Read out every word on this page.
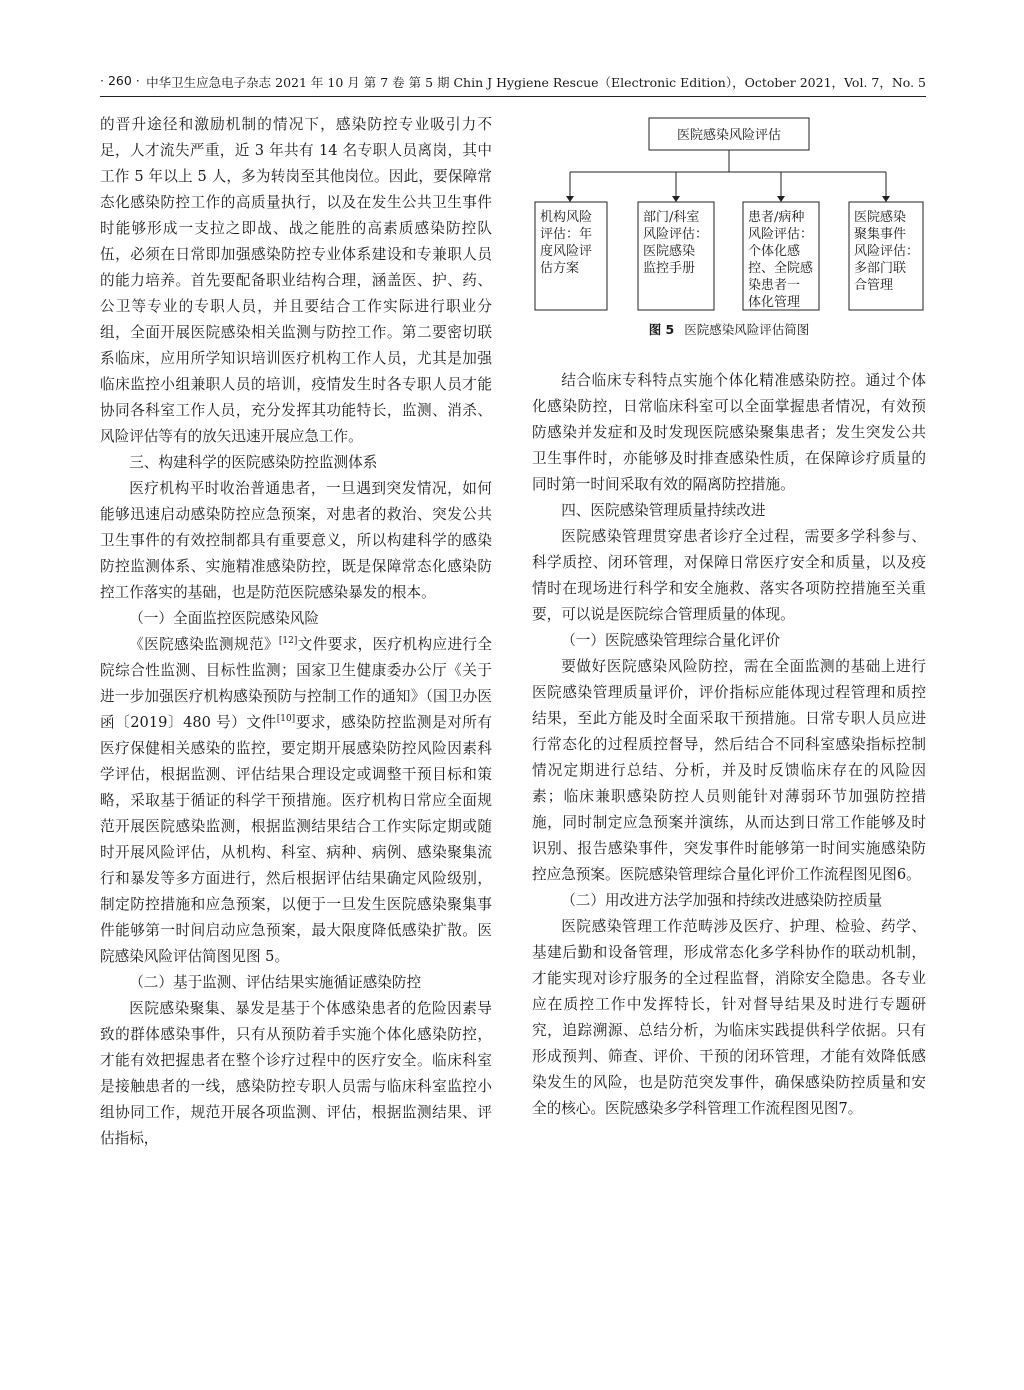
· 260 · 中华卫生应急电子杂志 2021 年 10 月 第 7 卷 第 5 期 Chin J Hygiene Rescue（Electronic Edition），October 2021，Vol. 7，No. 5

的晋升途径和激励机制的情况下，感染防控专业吸引力不足，人才流失严重，近 3 年共有 14 名专职人员离岗，其中工作 5 年以上 5 人，多为转岗至其他岗位。因此，要保障常态化感染防控工作的高质量执行，以及在发生公共卫生事件时能够形成一支拉之即战、战之能胜的高素质感染防控队伍，必须在日常即加强感染防控专业体系建设和专兼职人员的能力培养。首先要配备职业结构合理，涵盖医、护、药、公卫等专业的专职人员，并且要结合工作实际进行职业分组，全面开展医院感染相关监测与防控工作。第二要密切联系临床，应用所学知识培训医疗机构工作人员，尤其是加强临床监控小组兼职人员的培训，疫情发生时各专职人员才能协同各科室工作人员，充分发挥其功能特长，监测、消杀、风险评估等有的放矢迅速开展应急工作。

三、构建科学的医院感染防控监测体系

医疗机构平时收治普通患者，一旦遇到突发情况，如何能够迅速启动感染防控应急预案，对患者的救治、突发公共卫生事件的有效控制都具有重要意义，所以构建科学的感染防控监测体系、实施精准感染防控，既是保障常态化感染防控工作落实的基础，也是防范医院感染暴发的根本。

（一）全面监控医院感染风险

《医院感染监测规范》[12]文件要求，医疗机构应进行全院综合性监测、目标性监测；国家卫生健康委办公厅《关于进一步加强医疗机构感染预防与控制工作的通知》（国卫办医函〔2019〕480 号）文件[10]要求，感染防控监测是对所有医疗保健相关感染的监控，要定期开展感染防控风险因素科学评估，根据监测、评估结果合理设定或调整干预目标和策略，采取基于循证的科学干预措施。医疗机构日常应全面规范开展医院感染监测，根据监测结果结合工作实际定期或随时开展风险评估，从机构、科室、病种、病例、感染聚集流行和暴发等多方面进行，然后根据评估结果确定风险级别，制定防控措施和应急预案，以便于一旦发生医院感染聚集事件能够第一时间启动应急预案，最大限度降低感染扩散。医院感染风险评估简图见图 5。

（二）基于监测、评估结果实施循证感染防控

医院感染聚集、暴发是基于个体感染患者的危险因素导致的群体感染事件，只有从预防着手实施个体化感染防控，才能有效把握患者在整个诊疗过程中的医疗安全。临床科室是接触患者的一线，感染防控专职人员需与临床科室监控小组协同工作，规范开展各项监测、评估，根据监测结果、评估指标，

医院感染风险评估
机构风险
评估：年
度风险评
估方案
部门/科室
风险评估：
医院感染
监控手册
患者/病种
风险评估：
个体化感
控、全院感
染患者一
体化管理
医院感染
聚集事件
风险评估：
多部门联
合管理
图 5 医院感染风险评估简图

结合临床专科特点实施个体化精准感染防控。通过个体化感染防控，日常临床科室可以全面掌握患者情况，有效预防感染并发症和及时发现医院感染聚集患者；发生突发公共卫生事件时，亦能够及时排查感染性质，在保障诊疗质量的同时第一时间采取有效的隔离防控措施。

四、医院感染管理质量持续改进

医院感染管理贯穿患者诊疗全过程，需要多学科参与、科学质控、闭环管理，对保障日常医疗安全和质量，以及疫情时在现场进行科学和安全施救、落实各项防控措施至关重要，可以说是医院综合管理质量的体现。

（一）医院感染管理综合量化评价

要做好医院感染风险防控，需在全面监测的基础上进行医院感染管理质量评价，评价指标应能体现过程管理和质控结果，至此方能及时全面采取干预措施。日常专职人员应进行常态化的过程质控督导，然后结合不同科室感染指标控制情况定期进行总结、分析，并及时反馈临床存在的风险因素；临床兼职感染防控人员则能针对薄弱环节加强防控措施，同时制定应急预案并演练，从而达到日常工作能够及时识别、报告感染事件，突发事件时能够第一时间实施感染防控应急预案。医院感染管理综合量化评价工作流程图见图6。

（二）用改进方法学加强和持续改进感染防控质量

医院感染管理工作范畴涉及医疗、护理、检验、药学、基建后勤和设备管理，形成常态化多学科协作的联动机制，才能实现对诊疗服务的全过程监督，消除安全隐患。各专业应在质控工作中发挥特长，针对督导结果及时进行专题研究，追踪溯源、总结分析，为临床实践提供科学依据。只有形成预判、筛查、评价、干预的闭环管理，才能有效降低感染发生的风险，也是防范突发事件，确保感染防控质量和安全的核心。医院感染多学科管理工作流程图见图7。
